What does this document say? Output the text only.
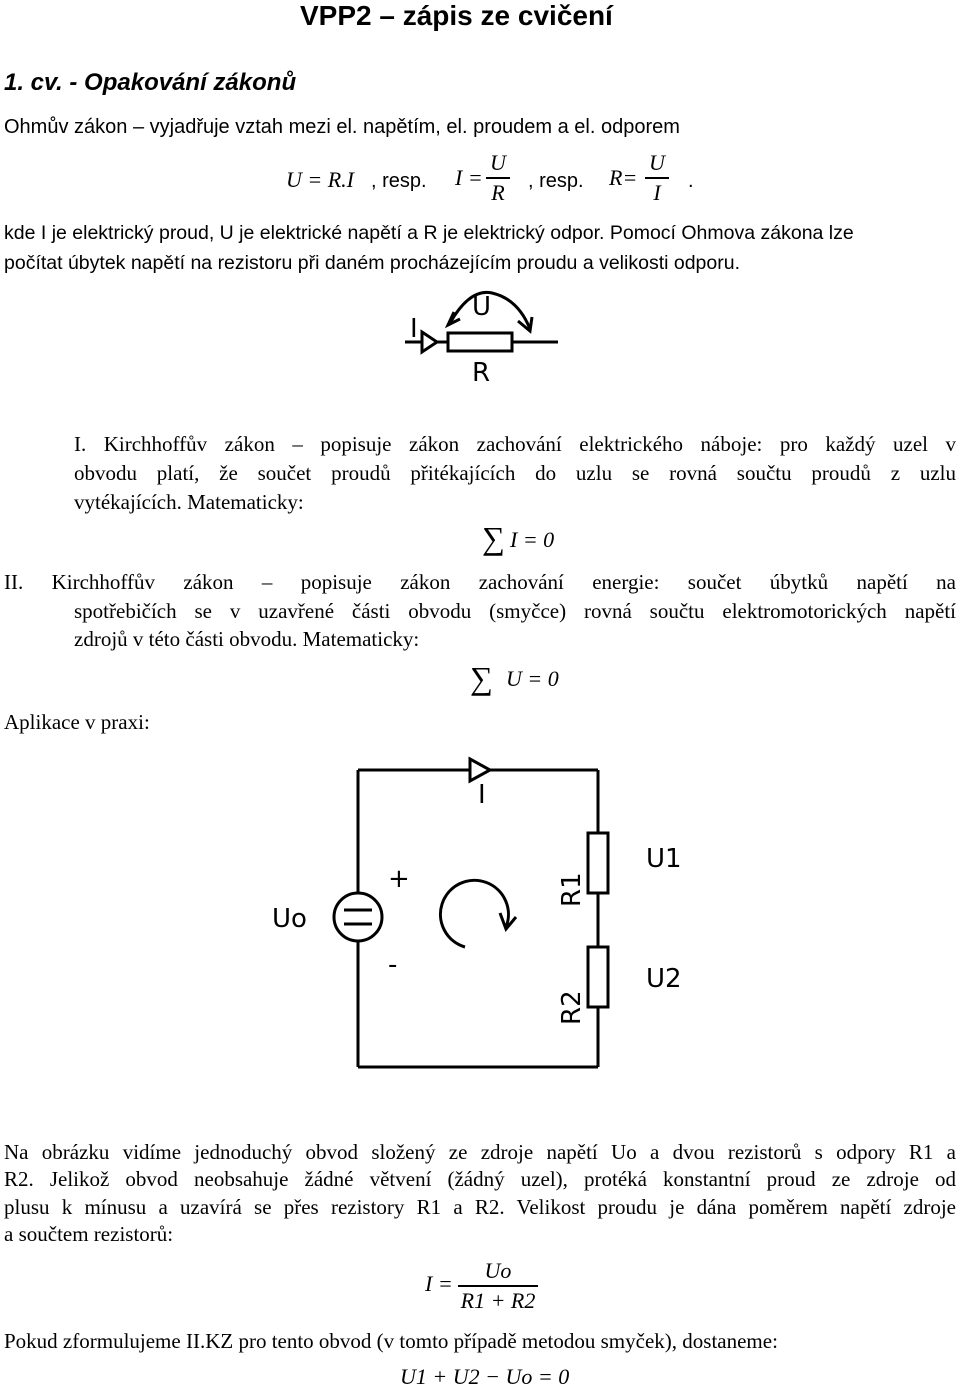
VPP2 – zápis ze cvičení
1. cv. - Opakování zákonů
Ohmův zákon – vyjadřuje vztah mezi el. napětím, el. proudem a el. odporem
U = R.I , resp. I =
U
R , resp. R=
U
I	.
kde I je elektrický proud, U je elektrické napětí a R je elektrický odpor. Pomocí Ohmova zákona lze
počítat úbytek napětí na rezistoru při daném procházejícím proudu a velikosti odporu.
I
U
R
I. Kirchhoffův zákon – popisuje zákon zachování elektrického náboje: pro každý uzel v
obvodu platí, že součet proudů přitékajících do uzlu se rovná součtu proudů z uzlu
vytékajících. Matematicky:
∑ I = 0
II. Kirchhoffův zákon – popisuje zákon zachování energie: součet úbytků napětí na
spotřebičích se v uzavřené části obvodu (smyčce) rovná součtu elektromotorických napětí
zdrojů v této části obvodu. Matematicky:
∑ U = 0
Aplikace v praxi:
I
Uo
+
-
U1
U2
R1
R2
Na obrázku vidíme jednoduchý obvod složený ze zdroje napětí Uo a dvou rezistorů s odpory R1 a
R2. Jelikož obvod neobsahuje žádné větvení (žádný uzel), protéká konstantní proud ze zdroje od
plusu k mínusu a uzavírá se přes rezistory R1 a R2. Velikost proudu je dána poměrem napětí zdroje
a součtem rezistorů:
I =
Uo
R1 + R2
Pokud zformulujeme II.KZ pro tento obvod (v tomto případě metodou smyček), dostaneme:
U1 + U2 − Uo = 0
